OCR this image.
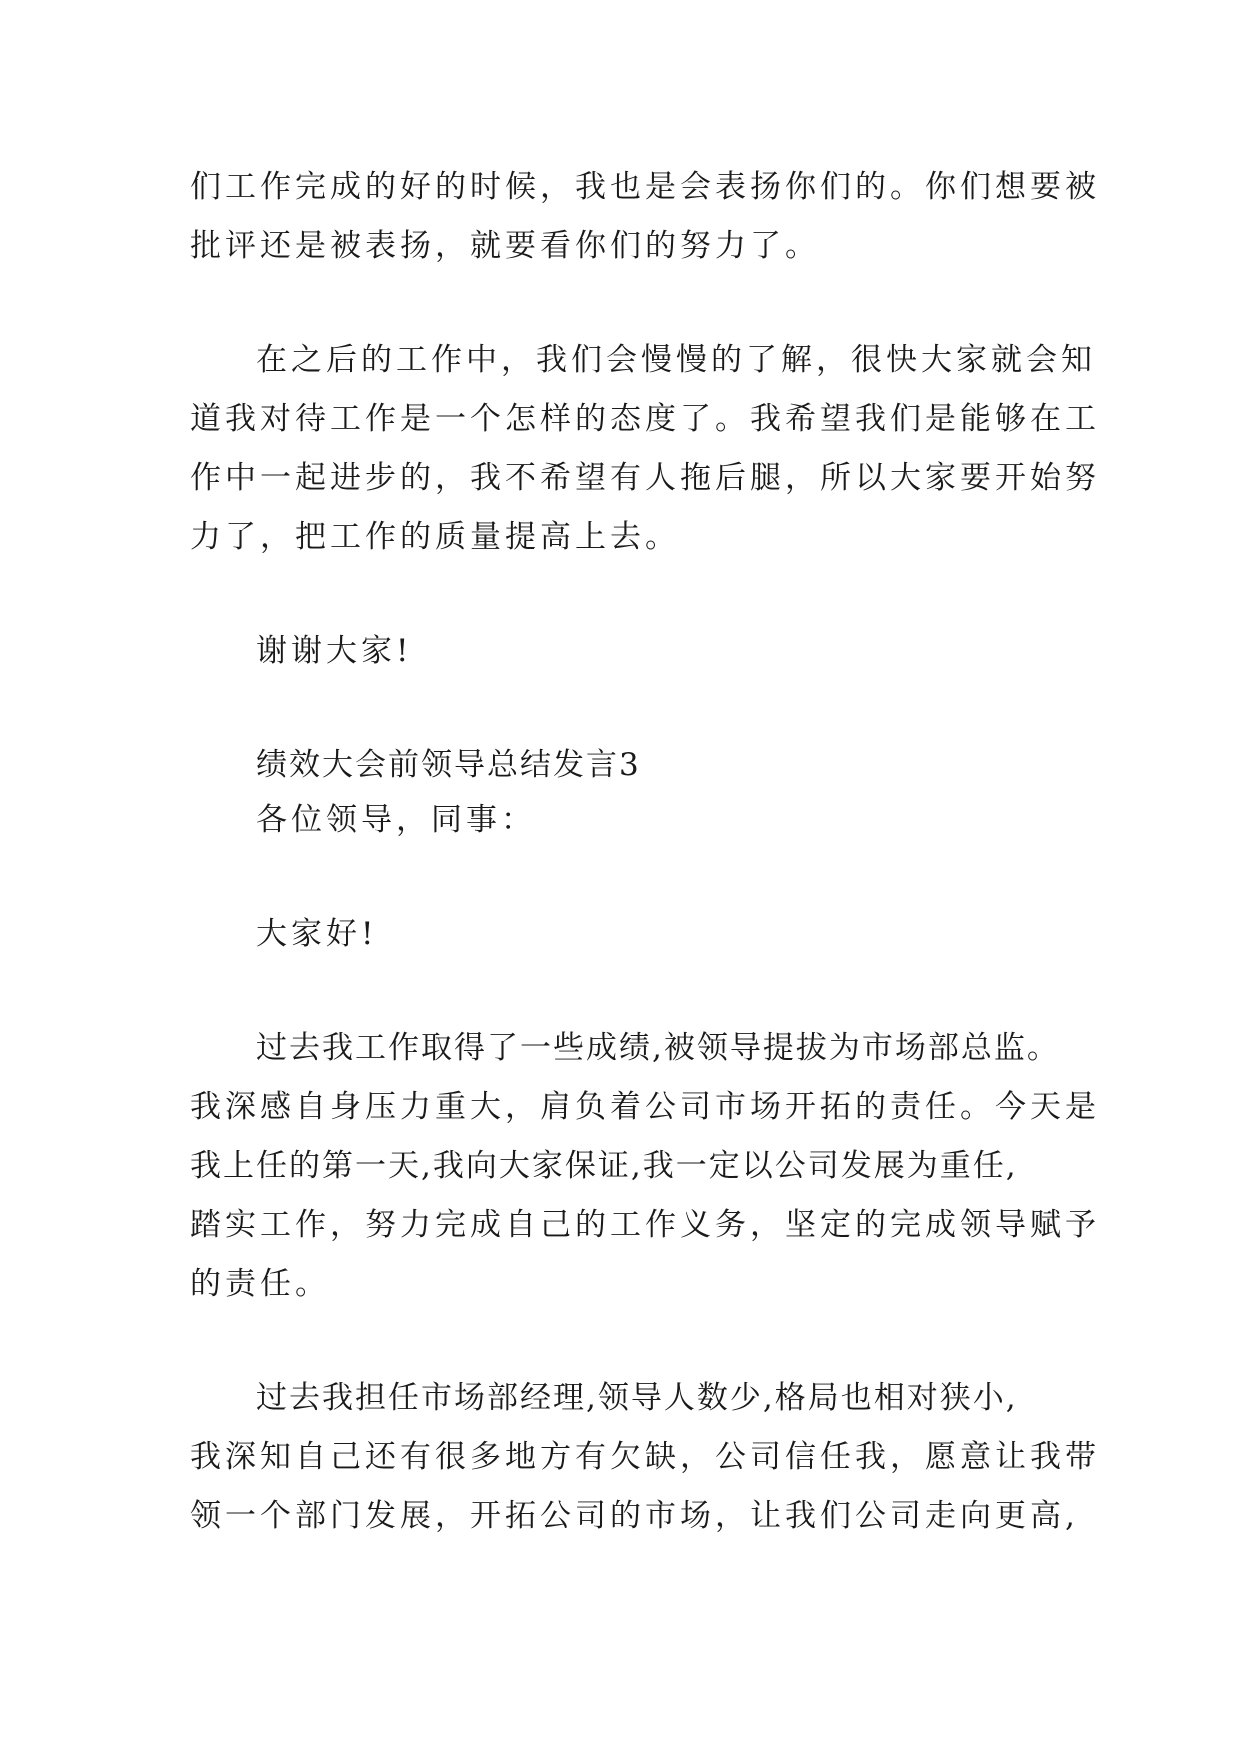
们工作完成的好的时候，我也是会表扬你们的。你们想要被
批评还是被表扬，就要看你们的努力了。
在之后的工作中，我们会慢慢的了解，很快大家就会知
道我对待工作是一个怎样的态度了。我希望我们是能够在工
作中一起进步的，我不希望有人拖后腿，所以大家要开始努
力了，把工作的质量提高上去。
谢谢大家!
绩效大会前领导总结发言3
各位领导，同事：
大家好!
过去我工作取得了一些成绩,被领导提拔为市场部总监。
我深感自身压力重大，肩负着公司市场开拓的责任。今天是
我上任的第一天,我向大家保证,我一定以公司发展为重任,
踏实工作，努力完成自己的工作义务，坚定的完成领导赋予
的责任。
过去我担任市场部经理,领导人数少,格局也相对狭小,
我深知自己还有很多地方有欠缺，公司信任我，愿意让我带
领一个部门发展，开拓公司的市场，让我们公司走向更高,
